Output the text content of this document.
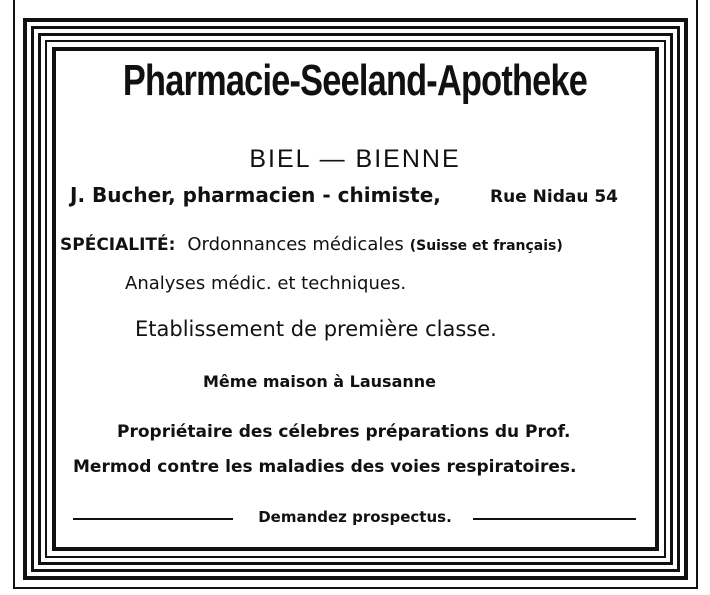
Pharmacie-Seeland-Apotheke
BIEL — BIENNE
J. Bucher, pharmacien - chimiste,	Rue Nidau 54
SPÉCIALITÉ: Ordonnances médicales (Suisse et français)
Analyses médic. et techniques.
Etablissement de première classe.
Même maison à Lausanne
Propriétaire des célebres préparations du Prof.
Mermod contre les maladies des voies respiratoires.
Demandez prospectus.
